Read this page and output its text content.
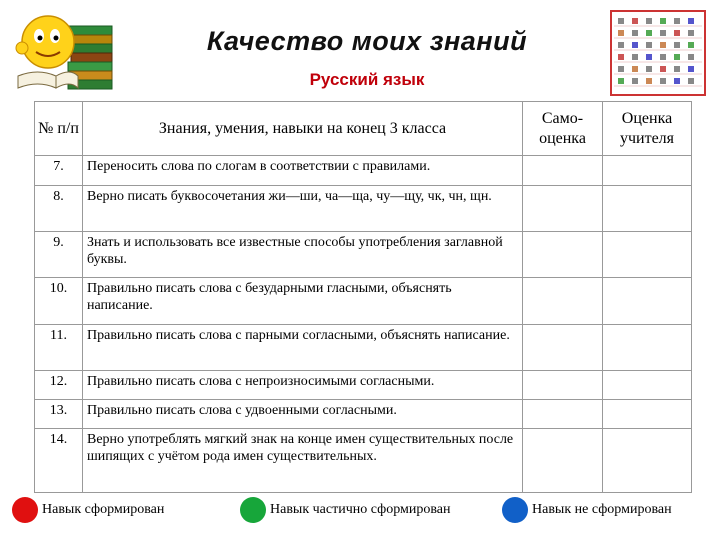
Качество моих знаний
Русский язык
№ п/п	Знания, умения, навыки на конец 3 класса	Само-оценка	Оценка учителя
7.	Переносить слова по слогам в соответствии с правилами.		
8.	Верно писать буквосочетания жи—ши, ча—ща, чу—щу, чк, чн, щн.		
9.	Знать и использовать все известные способы употребления заглавной буквы.		
10.	Правильно писать слова с безударными гласными, объяснять написание.		
11.	Правильно писать слова с парными согласными, объяснять написание.		
12.	Правильно писать слова с непроизносимыми согласными.		
13.	Правильно писать слова с удвоенными согласными.		
14.	Верно употреблять мягкий знак на конце имен существительных после шипящих с учётом рода имен существительных.		
Навык сформирован	Навык частично сформирован	Навык не сформирован
